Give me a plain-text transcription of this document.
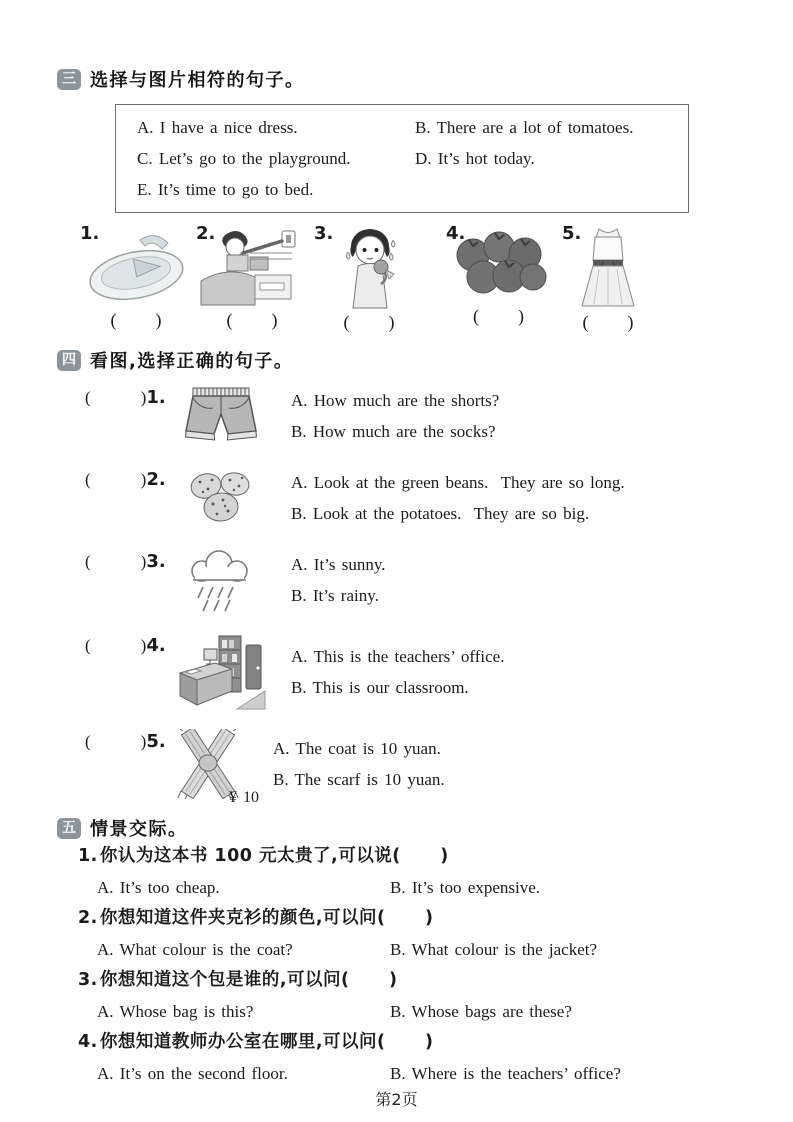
三 选择与图片相符的句子。
A. I have a nice dress.	B. There are a lot of tomatoes.
C. Let’s go to the playground.	D. It’s hot today.
E. It’s time to go to bed.
1.
(      )
2.
(      )
3.
(      )
4.
(      )
5.
(      )
四 看图,选择正确的句子。
(        )1.	A. How much are the shorts?
B. How much are the socks?
(        )2.	A. Look at the green beans.  They are so long.
B. Look at the potatoes.  They are so big.
(        )3.	A. It’s sunny.
B. It’s rainy.
(        )4.
A. This is the teachers’ office.
B. This is our classroom.
(        )5.
¥ 10
A. The coat is 10 yuan.
B. The scarf is 10 yuan.
五 情景交际。
1. 你认为这本书 100 元太贵了,可以说(      )
A. It’s too cheap.	B. It’s too expensive.
2. 你想知道这件夹克衫的颜色,可以问(      )
A. What colour is the coat?	B. What colour is the jacket?
3. 你想知道这个包是谁的,可以问(      )
A. Whose bag is this?	B. Whose bags are these?
4. 你想知道教师办公室在哪里,可以问(      )
A. It’s on the second floor.	B. Where is the teachers’ office?
第2页
